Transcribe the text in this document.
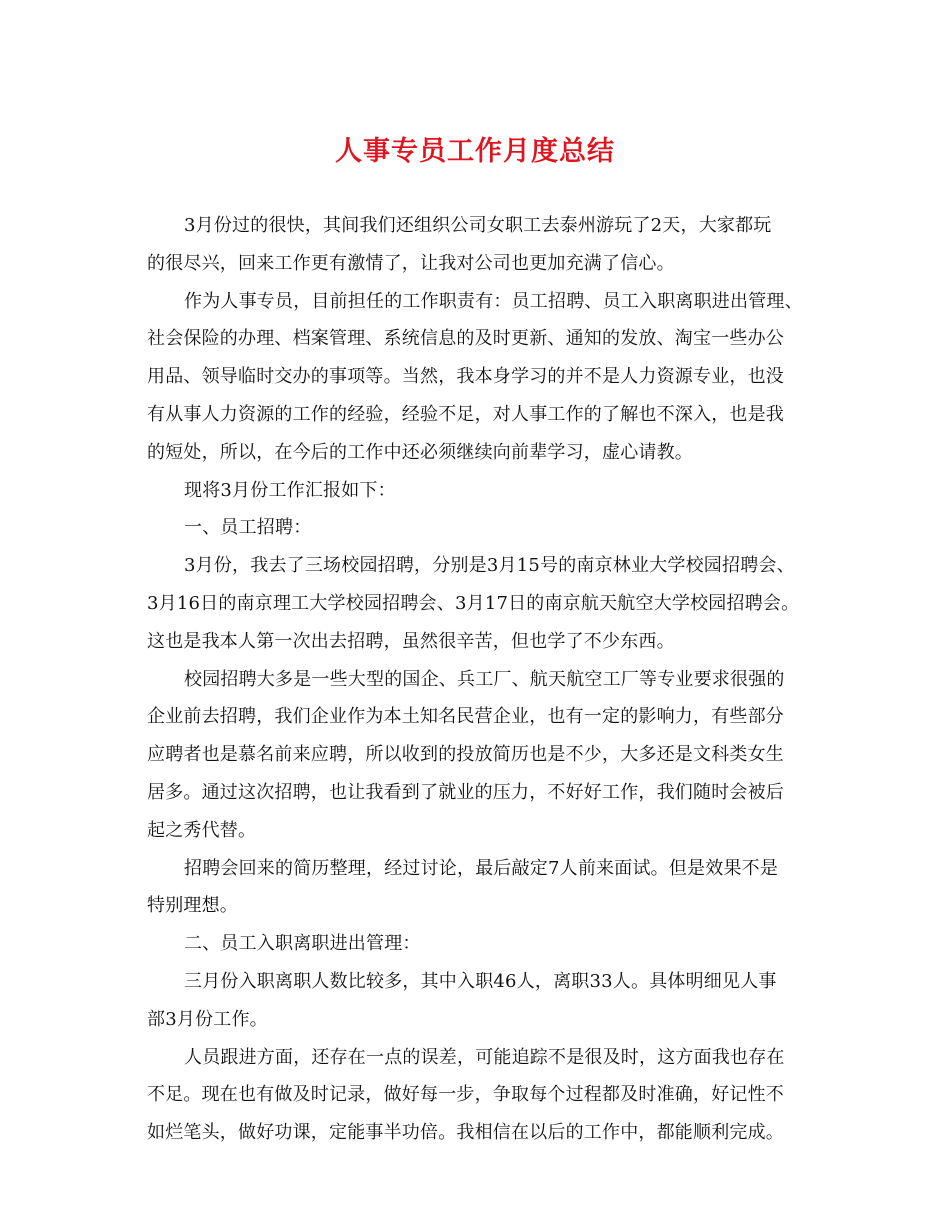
人事专员工作月度总结
3月份过的很快，其间我们还组织公司女职工去泰州游玩了2天，大家都玩
的很尽兴，回来工作更有激情了，让我对公司也更加充满了信心。
作为人事专员，目前担任的工作职责有：员工招聘、员工入职离职进出管理、
社会保险的办理、档案管理、系统信息的及时更新、通知的发放、淘宝一些办公
用品、领导临时交办的事项等。当然，我本身学习的并不是人力资源专业，也没
有从事人力资源的工作的经验，经验不足，对人事工作的了解也不深入，也是我
的短处，所以，在今后的工作中还必须继续向前辈学习，虚心请教。
现将3月份工作汇报如下：
一、员工招聘：
3月份，我去了三场校园招聘，分别是3月15号的南京林业大学校园招聘会、
3月16日的南京理工大学校园招聘会、3月17日的南京航天航空大学校园招聘会。
这也是我本人第一次出去招聘，虽然很辛苦，但也学了不少东西。
校园招聘大多是一些大型的国企、兵工厂、航天航空工厂等专业要求很强的
企业前去招聘，我们企业作为本土知名民营企业，也有一定的影响力，有些部分
应聘者也是慕名前来应聘，所以收到的投放简历也是不少，大多还是文科类女生
居多。通过这次招聘，也让我看到了就业的压力，不好好工作，我们随时会被后
起之秀代替。
招聘会回来的简历整理，经过讨论，最后敲定7人前来面试。但是效果不是
特别理想。
二、员工入职离职进出管理：
三月份入职离职人数比较多，其中入职46人，离职33人。具体明细见人事
部3月份工作。
人员跟进方面，还存在一点的误差，可能追踪不是很及时，这方面我也存在
不足。现在也有做及时记录，做好每一步，争取每个过程都及时准确，好记性不
如烂笔头，做好功课，定能事半功倍。我相信在以后的工作中，都能顺利完成。
